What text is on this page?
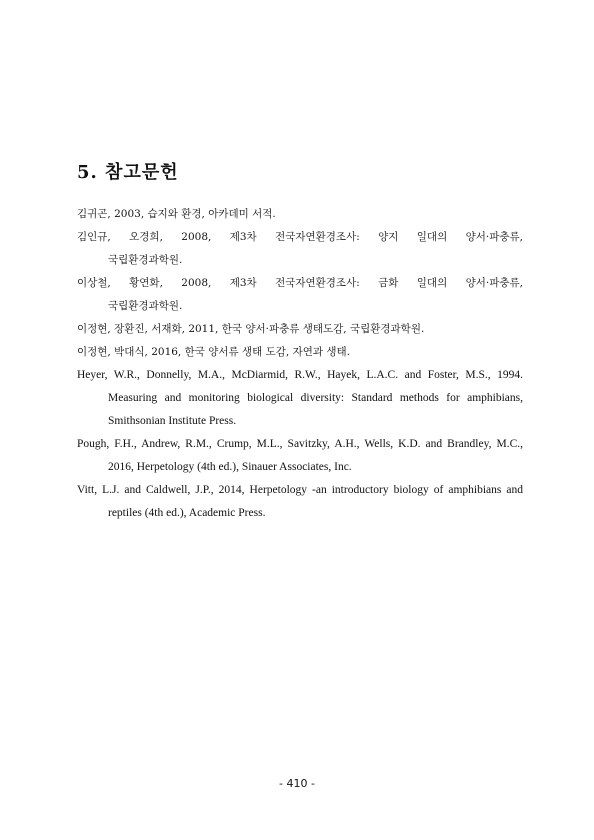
5. 참고문헌

김귀곤, 2003, 습지와 환경, 아카데미 서적.

김인규, 오경희, 2008, 제3차 전국자연환경조사: 양지 일대의 양서·파충류,
국립환경과학원.

이상철, 황연화, 2008, 제3차 전국자연환경조사: 금화 일대의 양서·파충류,
국립환경과학원.

이정현, 장환진, 서재화, 2011, 한국 양서·파충류 생태도감, 국립환경과학원.

이정현, 박대식, 2016, 한국 양서류 생태 도감, 자연과 생태.

Heyer, W.R., Donnelly, M.A., McDiarmid, R.W., Hayek, L.A.C. and Foster, M.S., 1994.
Measuring and monitoring biological diversity: Standard methods for amphibians,
Smithsonian Institute Press.

Pough, F.H., Andrew, R.M., Crump, M.L., Savitzky, A.H., Wells, K.D. and Brandley, M.C.,
2016, Herpetology (4th ed.), Sinauer Associates, Inc.

Vitt, L.J. and Caldwell, J.P., 2014, Herpetology -an introductory biology of amphibians and
reptiles (4th ed.), Academic Press.

- 410 -
